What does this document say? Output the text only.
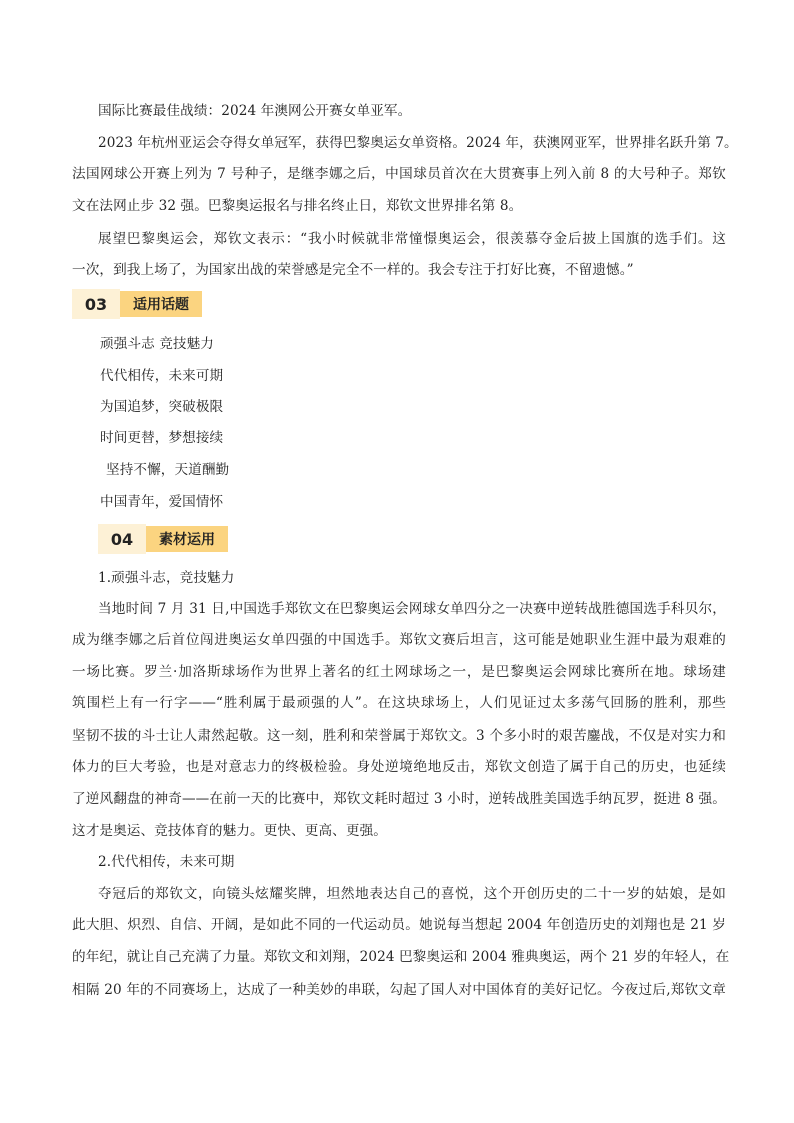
国际比赛最佳战绩：2024 年澳网公开赛女单亚军。
2023 年杭州亚运会夺得女单冠军，获得巴黎奥运女单资格。2024 年，获澳网亚军，世界排名跃升第 7。
法国网球公开赛上列为 7 号种子，是继李娜之后，中国球员首次在大贯赛事上列入前 8 的大号种子。郑钦
文在法网止步 32 强。巴黎奥运报名与排名终止日，郑钦文世界排名第 8。
展望巴黎奥运会，郑钦文表示：“我小时候就非常憧憬奥运会，很羡慕夺金后披上国旗的选手们。这
一次，到我上场了，为国家出战的荣誉感是完全不一样的。我会专注于打好比赛，不留遗憾。”
03	适用话题
顽强斗志 竞技魅力
代代相传，未来可期
为国追梦，突破极限
时间更替，梦想接续
坚持不懈，天道酬勤
中国青年，爱国情怀
04	素材运用
1.顽强斗志，竞技魅力
当地时间 7 月 31 日,中国选手郑钦文在巴黎奥运会网球女单四分之一决赛中逆转战胜德国选手科贝尔，
成为继李娜之后首位闯进奥运女单四强的中国选手。郑钦文赛后坦言，这可能是她职业生涯中最为艰难的
一场比赛。罗兰·加洛斯球场作为世界上著名的红土网球场之一，是巴黎奥运会网球比赛所在地。球场建
筑围栏上有一行字——“胜利属于最顽强的人”。在这块球场上，人们见证过太多荡气回肠的胜利，那些
坚韧不拔的斗士让人肃然起敬。这一刻，胜利和荣誉属于郑钦文。3 个多小时的艰苦鏖战，不仅是对实力和
体力的巨大考验，也是对意志力的终极检验。身处逆境绝地反击，郑钦文创造了属于自己的历史，也延续
了逆风翻盘的神奇——在前一天的比赛中，郑钦文耗时超过 3 小时，逆转战胜美国选手纳瓦罗，挺进 8 强。
这才是奥运、竞技体育的魅力。更快、更高、更强。
2.代代相传，未来可期
夺冠后的郑钦文，向镜头炫耀奖牌，坦然地表达自己的喜悦，这个开创历史的二十一岁的姑娘，是如
此大胆、炽烈、自信、开阔，是如此不同的一代运动员。她说每当想起 2004 年创造历史的刘翔也是 21 岁
的年纪，就让自己充满了力量。郑钦文和刘翔，2024 巴黎奥运和 2004 雅典奥运，两个 21 岁的年轻人，在
相隔 20 年的不同赛场上，达成了一种美妙的串联，勾起了国人对中国体育的美好记忆。今夜过后,郑钦文章
